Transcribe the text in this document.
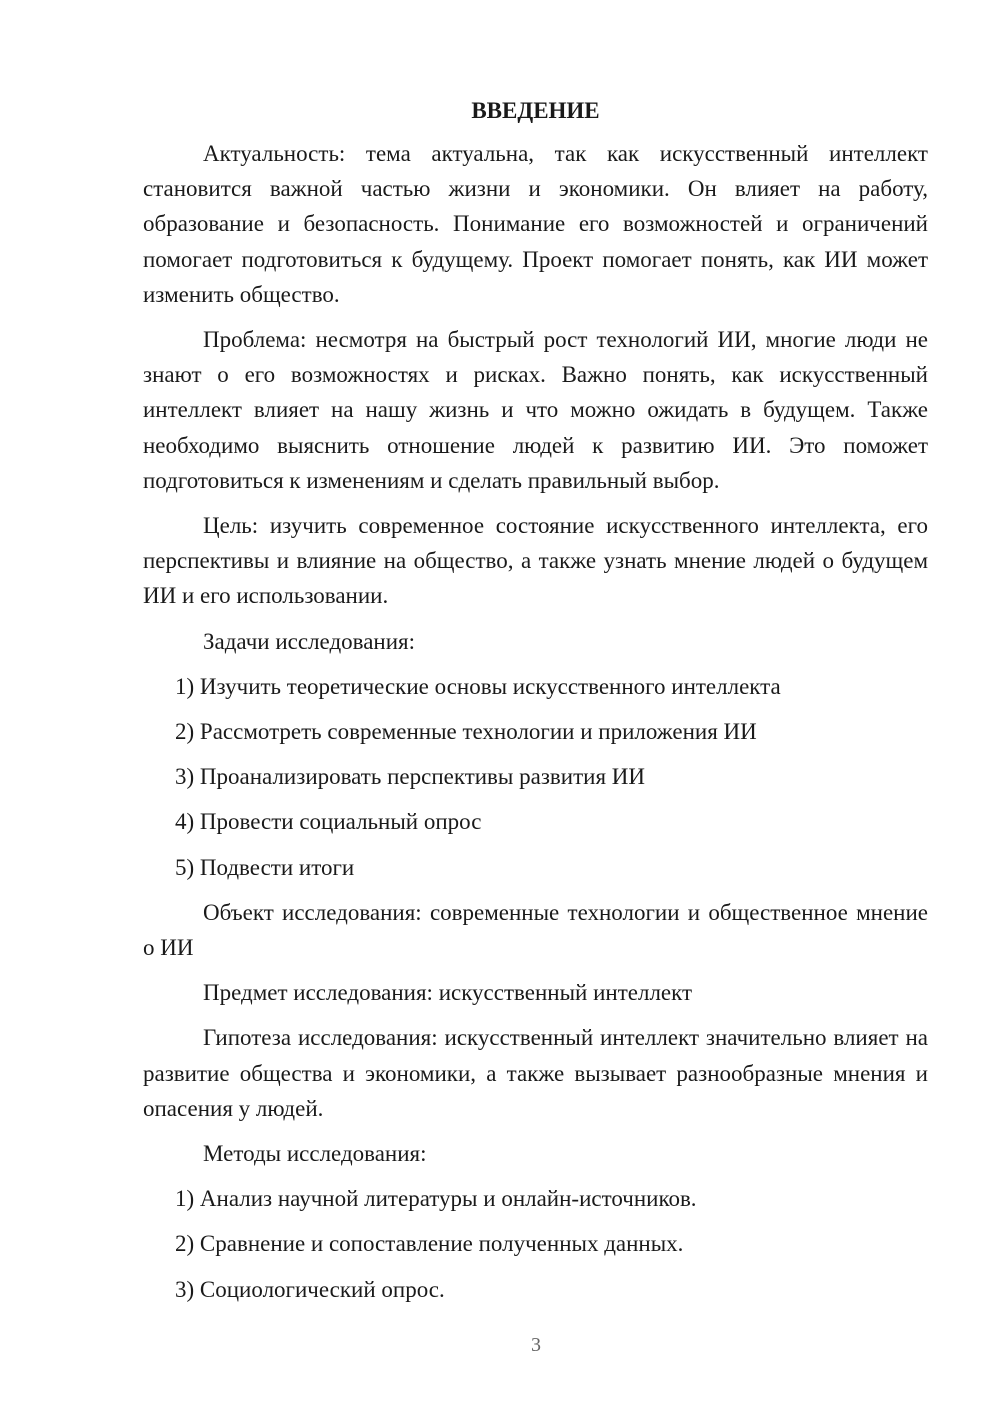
ВВЕДЕНИЕ

Актуальность: тема актуальна, так как искусственный интеллект становится важной частью жизни и экономики. Он влияет на работу, образование и безопасность. Понимание его возможностей и ограничений помогает подготовиться к будущему. Проект помогает понять, как ИИ может изменить общество.

Проблема: несмотря на быстрый рост технологий ИИ, многие люди не знают о его возможностях и рисках. Важно понять, как искусственный интеллект влияет на нашу жизнь и что можно ожидать в будущем. Также необходимо выяснить отношение людей к развитию ИИ. Это поможет подготовиться к изменениям и сделать правильный выбор.

Цель: изучить современное состояние искусственного интеллекта, его перспективы и влияние на общество, а также узнать мнение людей о будущем ИИ и его использовании.

Задачи исследования:

1) Изучить теоретические основы искусственного интеллекта

2) Рассмотреть современные технологии и приложения ИИ

3) Проанализировать перспективы развития ИИ

4) Провести социальный опрос

5) Подвести итоги

Объект исследования: современные технологии и общественное мнение о ИИ

Предмет исследования: искусственный интеллект

Гипотеза исследования: искусственный интеллект значительно влияет на развитие общества и экономики, а также вызывает разнообразные мнения и опасения у людей.

Методы исследования:

1) Анализ научной литературы и онлайн-источников.

2) Сравнение и сопоставление полученных данных.

3) Социологический опрос.

3
